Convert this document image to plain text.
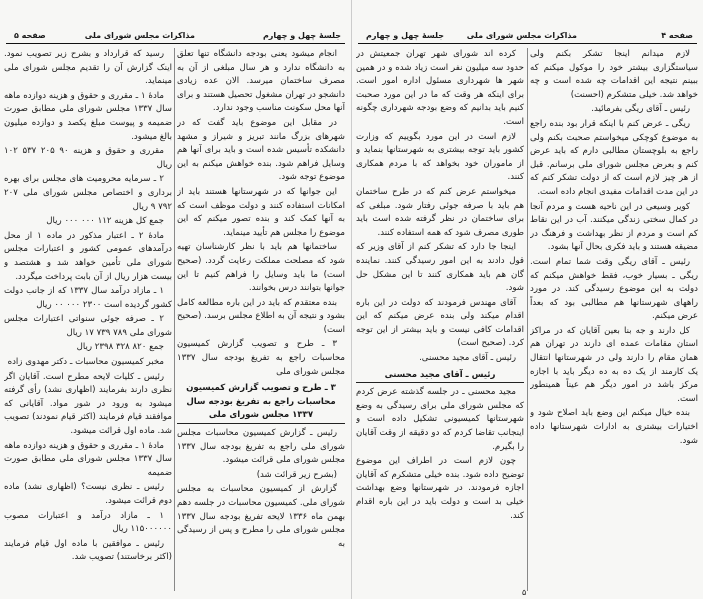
جلسهٔ چهل و چهارم
مذاکرات مجلس شورای ملی
صفحه ۵

انجام میشود یعنی بودجه دانشگاه تنها تعلق به دانشگاه ندارد و هر سال مبلغی از آن به مصرف ساختمان میرسد. الان عده زیادی دانشجو در تهران مشغول تحصیل هستند و برای آنها محل سکونت مناسب وجود ندارد.

در مقابل این موضوع باید گفت که در شهرهای بزرگ مانند تبریز و شیراز و مشهد دانشکده تأسیس شده است و باید برای آنها هم وسایل فراهم شود. بنده خواهش میکنم به این موضوع توجه شود.

این جوانها که در شهرستانها هستند باید از امکانات استفاده کنند و دولت موظف است که به آنها کمک کند و بنده تصور میکنم که این موضوع را مجلس هم تأیید مینماید.

ساختمانها هم باید با نظر کارشناسان تهیه شود که مصلحت مملکت رعایت گردد. (صحیح است) ما باید وسایل را فراهم کنیم تا این جوانها بتوانند درس بخوانند.

بنده معتقدم که باید در این باره مطالعه کامل بشود و نتیجه آن به اطلاع مجلس برسد. (صحیح است)

۳ ـ طرح و تصویب گزارش کمیسیون محاسبات راجع به تفریغ بودجه سال ۱۳۳۷ مجلس شورای ملی

۳ ـ طرح و تصویب گزارش کمیسیون محاسبات راجع به تفریغ بودجه سال ۱۳۳۷ مجلس شورای ملی

رئیس ـ گزارش کمیسیون محاسبات مجلس شورای ملی راجع به تفریغ بودجه سال ۱۳۳۷ مجلس شورای ملی قرائت میشود.

(بشرح زیر قرائت شد)

گزارش از کمیسیون محاسبات به مجلس شورای ملی. کمیسیون محاسبات در جلسه دهم بهمن ماه ۱۳۳۶ لایحه تفریغ بودجه سال ۱۳۳۷ مجلس شورای ملی را مطرح و پس از رسیدگی به

رسید که قرارداد و بشرح زیر تصویب نمود. اینک گزارش آن را تقدیم مجلس شورای ملی مینماید.

مادهٔ ۱ ـ مقرری و حقوق و هزینه دوازده ماهه سال ۱۳۳۷ مجلس شورای ملی مطابق صورت ضمیمه و پیوست مبلغ یکصد و دوازده میلیون بالغ میشود.

مقرری و حقوق و هزینه ۹۰ ۲۰۵ ۵۳۷ ۱۰۲ ریال

۲ ـ سرمایه محرومیت های مجلس برای بهره برداری و اختصاص مجلس شورای ملی ۲۰۷ ۷۹۲ ۹ ریال

جمع کل هزینه ۱۱۲ ۰۰۰ ۰۰۰ ریال

مادهٔ ۲ ـ اعتبار مذکور در ماده ۱ از محل درآمدهای عمومی کشور و اعتبارات مجلس شورای ملی تأمین خواهد شد و هشتصد و بیست هزار ریال از آن بابت پرداخت میگردد.

۱ ـ مازاد درآمد سال ۱۳۳۷ که از جانب دولت کشور گردیده است ۲۳۰۰ ۰۰۰ ۰۰ ریال

۲ ـ صرفه جوئی سنواتی اعتبارات مجلس شورای ملی ۷۸۹ ۷۳۹ ۱۷ ریال

جمع ۸۲۰ ۳۲۸ ۲۳۹۸ ریال

مخبر کمیسیون محاسبات ـ دکتر مهدوی زاده

رئیس ـ کلیات لایحه مطرح است. آقایان اگر نظری دارند بفرمایند (اظهاری نشد) رأی گرفته میشود به ورود در شور مواد. آقایانی که موافقند قیام فرمایند (اکثر قیام نمودند) تصویب شد. ماده اول قرائت میشود.

مادهٔ ۱ ـ مقرری و حقوق و هزینه دوازده ماهه سال ۱۳۳۷ مجلس شورای ملی مطابق صورت ضمیمه

رئیس ـ نظری نیست؟ (اظهاری نشد) ماده دوم قرائت میشود.

۱ ـ مازاد درآمد و اعتبارات مصوب ۱۱۵۰۰۰۰۰۰ ریال

رئیس ـ موافقین با ماده اول قیام فرمایند (اکثر برخاستند) تصویب شد.

جلسهٔ چهل و چهارم	مذاکرات مجلس شورای ملی	صفحه ۴

لازم میدانم اینجا تشکر بکنم ولی سیاستگزاری بیشتر خود را موکول میکنم که ببینم نتیجه این اقدامات چه شده است و چه خواهد شد. خیلی متشکرم (احسنت)

رئیس ـ آقای ریگی بفرمائید.

ریگی ـ عرض کنم با اینکه قرار بود بنده راجع به موضوع کوچکی میخواستم صحبت بکنم ولی راجع به بلوچستان مطالبی دارم که باید عرض کنم و بعرض مجلس شورای ملی برسانم. قبل از هر چیز لازم است که از دولت تشکر کنم که در این مدت اقدامات مفیدی انجام داده است.

کویر وسیعی در این ناحیه هست و مردم آنجا در کمال سختی زندگی میکنند. آب در این نقاط کم است و مردم از نظر بهداشت و فرهنگ در مضیقه هستند و باید فکری بحال آنها بشود.

رئیس ـ آقای ریگی وقت شما تمام است. ریگی ـ بسیار خوب، فقط خواهش میکنم که دولت به این موضوع رسیدگی کند. در مورد راههای شهرستانها هم مطالبی بود که بعداً عرض میکنم.

کل دارند و جه بنا بعین آقایان که در مراکز استان مقامات عمده ای دارند در تهران هم همان مقام را دارند ولی در شهرستانها انتقال یک کارمند از یک ده به ده دیگر باید با اجازه مرکز باشد در امور دیگر هم عیناً همینطور است.

بنده خیال میکنم این وضع باید اصلاح شود و اختیارات بیشتری به ادارات شهرستانها داده شود.

کرده اند شورای شهر تهران جمعیتش در حدود سه میلیون نفر است زیاد شده و در همین شهر ها شهرداری مسئول اداره امور است. برای اینکه هر وقت که ما در این مورد صحبت کنیم باید بدانیم که وضع بودجه شهرداری چگونه است.

لازم است در این مورد بگوییم که وزارت کشور باید توجه بیشتری به شهرستانها بنماید و از ماموران خود بخواهد که با مردم همکاری کنند.

میخواستم عرض کنم که در طرح ساختمان هم باید با صرفه جوئی رفتار شود. مبلغی که برای ساختمان در نظر گرفته شده است باید طوری مصرف شود که همه استفاده کنند.

اینجا جا دارد که تشکر کنم از آقای وزیر که قول دادند به این امور رسیدگی کنند. نماینده گان هم باید همکاری کنند تا این مشکل حل شود.

آقای مهندس فرمودند که دولت در این باره اقدام میکند ولی بنده عرض میکنم که این اقدامات کافی نیست و باید بیشتر از این توجه کرد. (صحیح است)

رئیس ـ آقای مجید محسنی.

رئیس ـ آقای مجید محسنی

مجید محسنی ـ در جلسه گذشته عرض کردم که مجلس شورای ملی برای رسیدگی به وضع شهرستانها کمیسیونی تشکیل داده است و اینجانب تقاضا کردم که دو دقیقه از وقت آقایان را بگیرم.

چون لازم است در اطراف این موضوع توضیح داده شود. بنده خیلی متشکرم که آقایان اجازه فرمودند. در شهرستانها وضع بهداشت خیلی بد است و دولت باید در این باره اقدام کند.

۵
